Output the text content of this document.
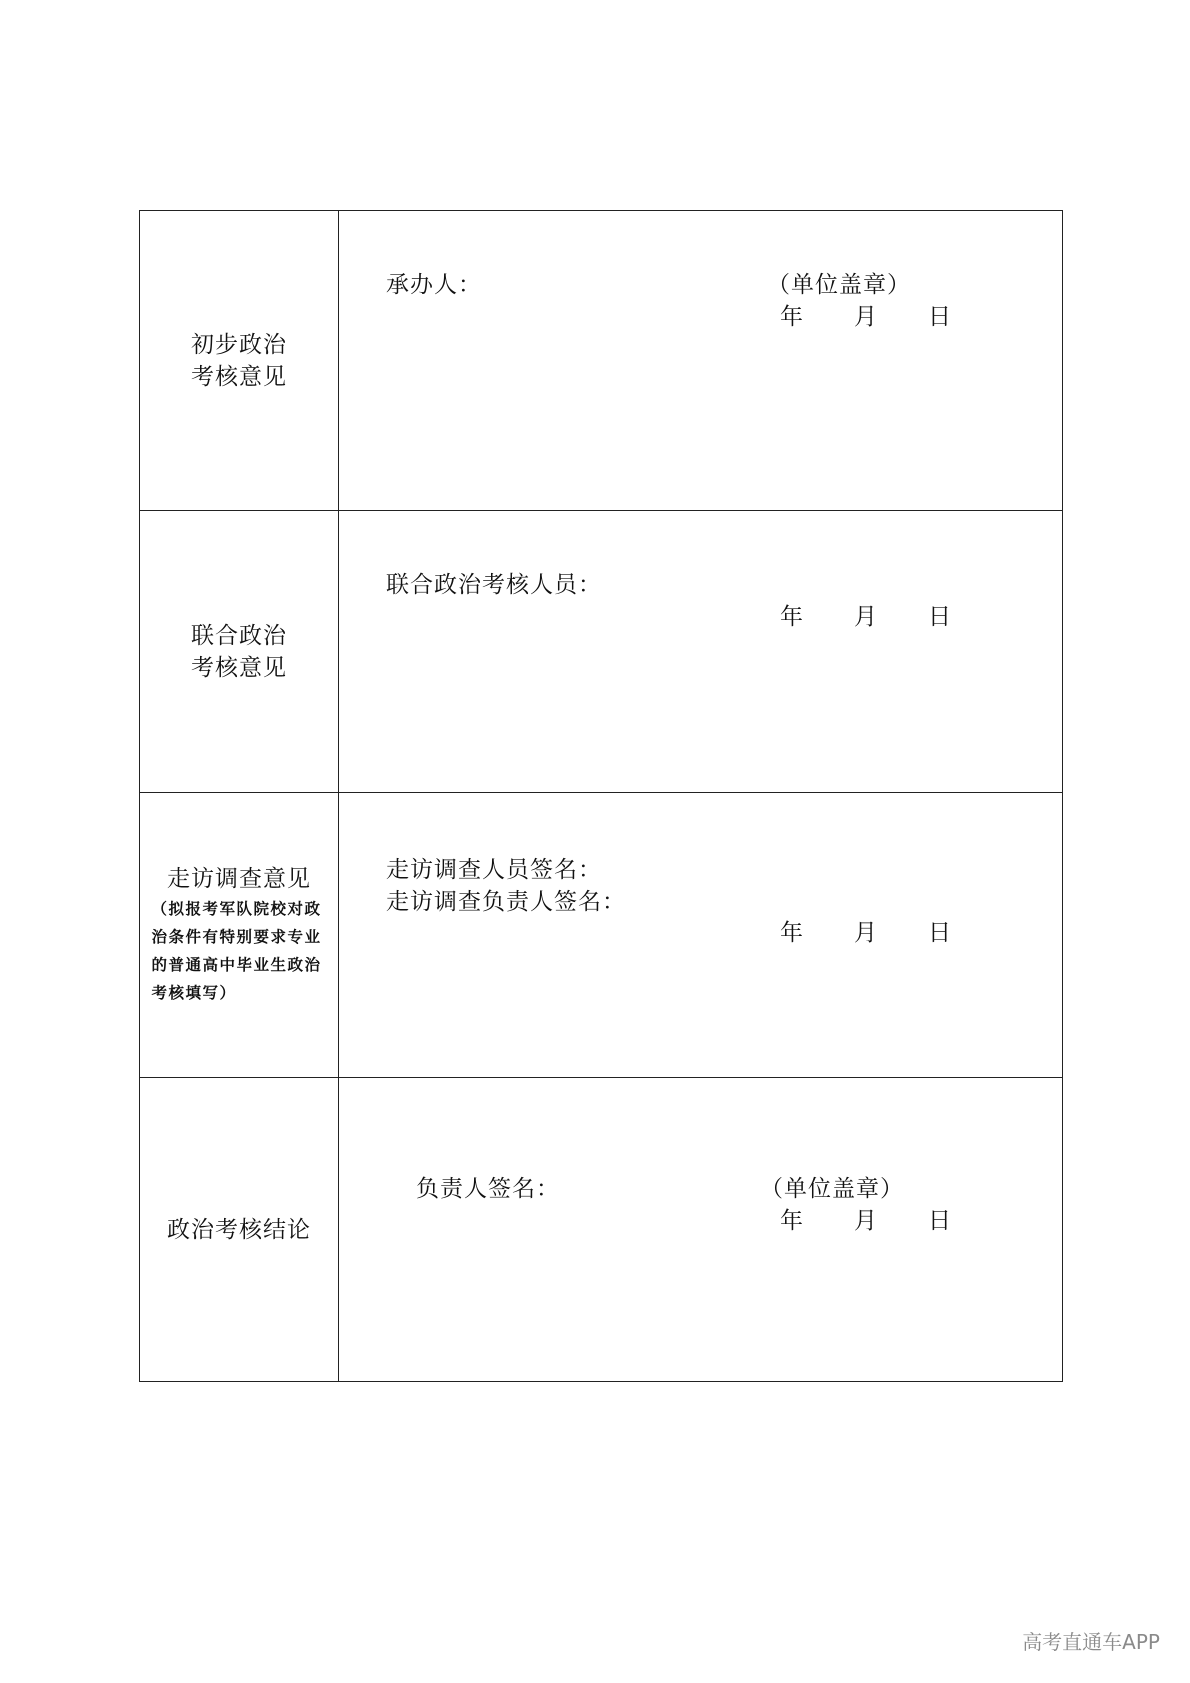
初步政治
考核意见
承办人：	（单位盖章）
年 月 日
联合政治
考核意见
联合政治考核人员：
年 月 日
走访调查意见
（拟报考军队院校对政治条件有特别要求专业的普通高中毕业生政治考核填写）
走访调查人员签名：
走访调查负责人签名：
年 月 日
政治考核结论
负责人签名：	（单位盖章）
年 月 日
高考直通车APP
